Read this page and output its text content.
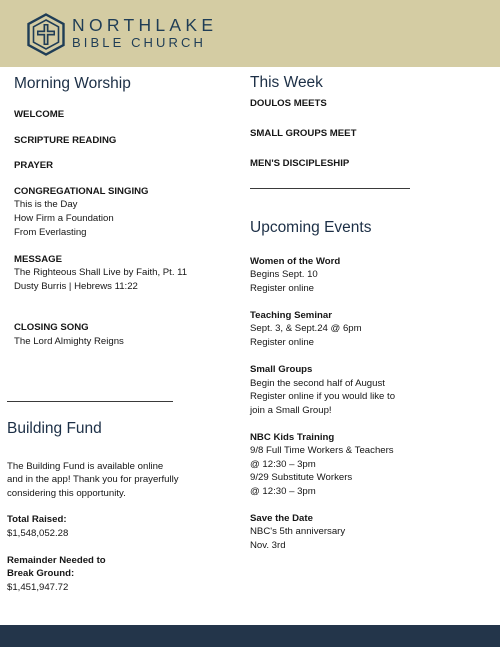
NORTHLAKE
BIBLE CHURCH
Morning Worship
WELCOME
SCRIPTURE READING
PRAYER
CONGREGATIONAL SINGING
This is the Day
How Firm a Foundation
From Everlasting
MESSAGE
The Righteous Shall Live by Faith, Pt. 11
Dusty Burris | Hebrews 11:22
CLOSING SONG
The Lord Almighty Reigns
Building Fund
The Building Fund is available online
and in the app! Thank you for prayerfully
considering this opportunity.
Total Raised:
$1,548,052.28
Remainder Needed to
Break Ground:
$1,451,947.72
This Week
DOULOS MEETS
SMALL GROUPS MEET
MEN'S DISCIPLESHIP
Upcoming Events
Women of the Word
Begins Sept. 10
Register online
Teaching Seminar
Sept. 3, & Sept.24 @ 6pm
Register online
Small Groups
Begin the second half of August
Register online if you would like to
join a Small Group!
NBC Kids Training
9/8 Full Time Workers & Teachers
@ 12:30 – 3pm
9/29 Substitute Workers
@ 12:30 – 3pm
Save the Date
NBC's 5th anniversary
Nov. 3rd
